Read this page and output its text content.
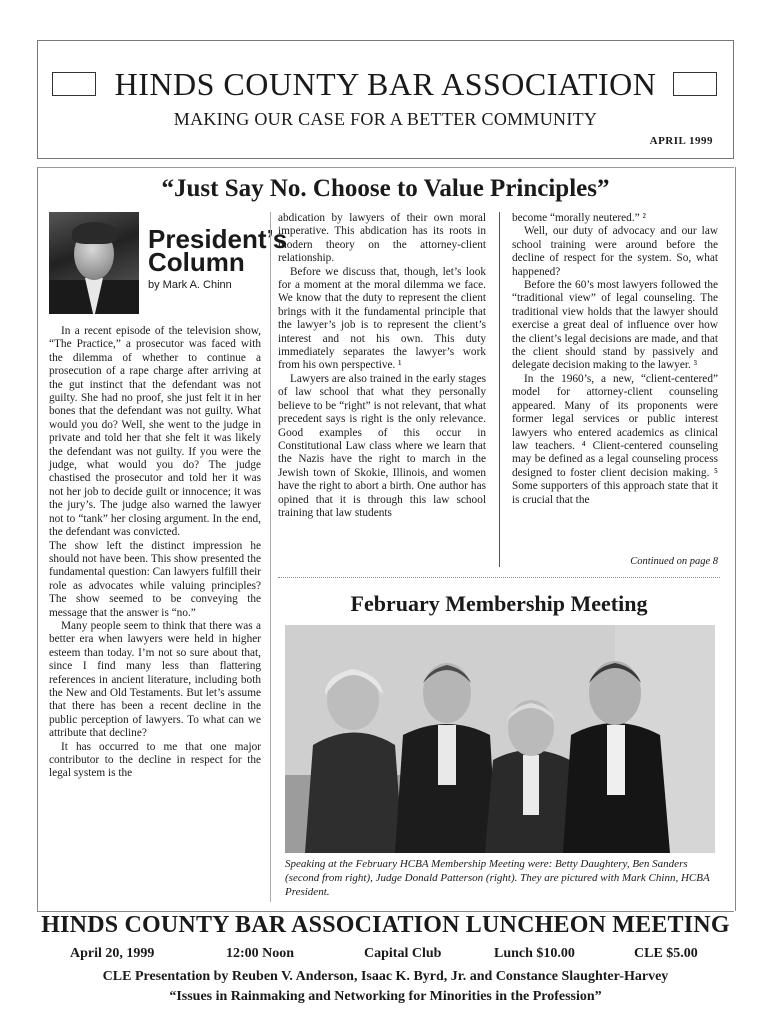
HINDS COUNTY BAR ASSOCIATION
MAKING OUR CASE FOR A BETTER COMMUNITY
APRIL 1999
“Just Say No. Choose to Value Principles”
President’s
Column
by Mark A. Chinn

In a recent episode of the television show, “The Practice,” a prosecutor was faced with the dilemma of whether to continue a prosecution of a rape charge after arriving at the gut instinct that the defendant was not guilty. She had no proof, she just felt it in her bones that the defendant was not guilty. What would you do? Well, she went to the judge in private and told her that she felt it was likely the defendant was not guilty. If you were the judge, what would you do? The judge chastised the prosecutor and told her it was not her job to decide guilt or innocence; it was the jury’s. The judge also warned the lawyer not to “tank” her closing argument. In the end, the defendant was convicted.

The show left the distinct impression he should not have been. This show presented the fundamental question: Can lawyers fulfill their role as advocates while valuing principles? The show seemed to be conveying the message that the answer is “no.”

Many people seem to think that there was a better era when lawyers were held in higher esteem than today. I’m not so sure about that, since I find many less than flattering references in ancient literature, including both the New and Old Testaments. But let’s assume that there has been a recent decline in the public perception of lawyers. To what can we attribute that decline?

It has occurred to me that one major contributor to the decline in respect for the legal system is the

abdication by lawyers of their own moral imperative. This abdication has its roots in modern theory on the attorney-client relationship.

Before we discuss that, though, let’s look for a moment at the moral dilemma we face. We know that the duty to represent the client brings with it the fundamental principle that the lawyer’s job is to represent the client’s interest and not his own. This duty immediately separates the lawyer’s work from his own perspective. ¹

Lawyers are also trained in the early stages of law school that what they personally believe to be “right” is not relevant, that what precedent says is right is the only relevance. Good examples of this occur in Constitutional Law class where we learn that the Nazis have the right to march in the Jewish town of Skokie, Illinois, and women have the right to abort a birth. One author has opined that it is through this law school training that law students

become “morally neutered.” ²

Well, our duty of advocacy and our law school training were around before the decline of respect for the system. So, what happened?

Before the 60’s most lawyers followed the “traditional view” of legal counseling. The traditional view holds that the lawyer should exercise a great deal of influence over how the client’s legal decisions are made, and that the client should stand by passively and delegate decision making to the lawyer. ³

In the 1960’s, a new, “client-centered” model for attorney-client counseling appeared. Many of its proponents were former legal services or public interest lawyers who entered academics as clinical law teachers. ⁴ Client-centered counseling may be defined as a legal counseling process designed to foster client decision making. ⁵ Some supporters of this approach state that it is crucial that the

Continued on page 8
February Membership Meeting
Speaking at the February HCBA Membership Meeting were: Betty Daughtery, Ben Sanders (second from right), Judge Donald Patterson (right). They are pictured with Mark Chinn, HCBA President.
HINDS COUNTY BAR ASSOCIATION LUNCHEON MEETING
April 20, 1999	12:00 Noon	Capital Club	Lunch $10.00	CLE $5.00
CLE Presentation by Reuben V. Anderson, Isaac K. Byrd, Jr. and Constance Slaughter-Harvey
“Issues in Rainmaking and Networking for Minorities in the Profession”
